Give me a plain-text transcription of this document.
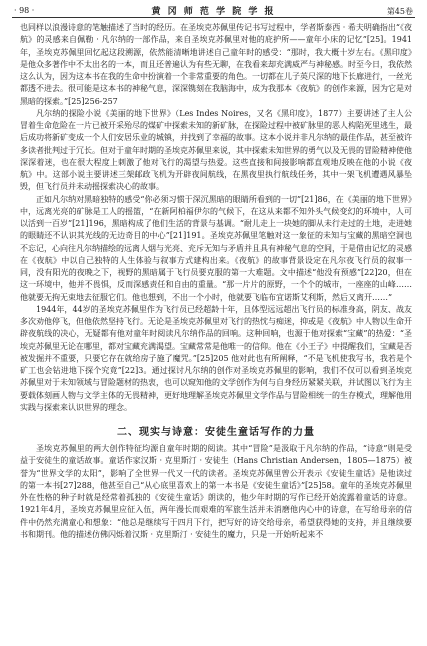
· 98 ·	黄 冈 师 范 学 院 学 报	第45卷

也同样以浪漫诗意的笔触描述了当时的经历。在圣埃克苏佩里传记书写过程中，学者斯泰西 · 希夫明确指出“《夜航》的灵感来自佩勒 · 凡尔纳的一部作品，来自圣埃克苏佩里对他的庇护所——童年小床的记忆”[25]。1941年，圣埃克苏佩里回忆起这段溯源，依然能清晰地讲述自己童年时的感受：“那时，我大概十岁左右。《黑印度》是他众多著作中不太出名的一本，而且还普遍认为有些无聊，在我看来却充满威严与神秘感。时至今日，我依然这么认为，因为这本书在我的生命中扮演着一个非常重要的角色。一切都在儿子英尺深的地下长廊进行，一丝光都透不进去。很可能是这本书的神秘气息，深深镌刻在我脑海中，成为我那本《夜航》的创作来源，因为它是对黑暗的探索。”[25]256-257

凡尔纳的探险小说《美丽的地下世界》（Les Indes Noires，又名《黑印度》，1877）主要讲述了主人公冒着生命危险在一片已被开采殆尽的煤矿中探索未知的新矿脉，在探险过程中被矿脉里的恶人构陷死里逃生，最后成功将新矿变成一个人们安居乐业的城镇，并找到了幸福的故事。这本小说并非凡尔纳的最佳作品，甚至被许多读者批判过于冗长。但对于童年时期的圣埃克苏佩里来说，其中探索未知世界的勇气以及无畏的冒险精神使他深深着迷，也在很大程度上刺激了他对飞行的渴望与热爱。这些直接和间接影响都直观地反映在他的小说《夜航》中。这部小说主要讲述三架邮政飞机为开辟夜间航线，在黑夜里执行航线任务，其中一架飞机遭遇风暴坠毁，但飞行员并未动摇探索决心的故事。

正如凡尔纳对黑暗独特的感受“你必须习惯于深沉黑暗的眼睛所看到的一切”[21]86，在《美丽的地下世界》中，远离光亮的矿脉是工人的摇篮，“在新阿柏福伊尔的气候下，在这从来都不知外头气候变幻的环境中，人可以活到一百岁”[21]196，黑暗构成了他们生活的背景与基调。“耐儿走上一块她的脚从未行走过的土地，走进她的眼睛还不认识其光线的无边奇目的中心”[21]191。圣埃克苏佩里笔触对这一象征的未知与宝藏的黑暗空洞也不忘记，心向往凡尔纳描绘的远离人烟与光亮、充斥无知与矛盾并且具有神秘气息的空间，于是借由记忆的灵感在《夜航》中以自己独特的人生体验与叙事方式建构出来。《夜航》的故事背景设定在凡尔夜飞行员的叙事一同，没有阳光的夜晚之下，视野的黑暗属于飞行员要克服的第一大难题。文中描述“他没有预感”[22]20，但在这一环境中，他并不畏惧，反而深感责任和自由的重量。“那一片片的原野，一个个的城市，一座座的山峰……他就要无拘无束地去征服它们。他也想到，不出一个小时，他就要飞临布宜诺斯艾利斯，然后又离开……”

1944年，44岁的圣埃克苏佩里作为飞行员已经超龄十年，且体型远远超出飞行员的标准身高，阴友、战友多次劝他停飞，但他依然坚持飞行。无论是圣埃克苏佩里对飞行的热忱与痴迷，抑或是《夜航》中人物以生命开辟夜航线的决心，无疑都有他对童年时阅读凡尔纳作品的回响。这种回响，也源于他对探索“宝藏”的热爱：“圣埃克苏佩里无论在哪里，都对宝藏充满渴望。宝藏常常是他唯一的信仰。他在《小王子》中提醒我们，宝藏是否被发掘并不重要，只要它存在就给房子施了魔咒。”[25]205 他对此也有所阐释，“不是飞机使我写书，我若是个矿工也会钻进地下探个究竟”[22]3。通过探讨凡尔纳的创作对圣埃克苏佩里的影响，我们不仅可以看到圣埃克苏佩里对于未知领域与冒险题材的热衷，也可以窥知他的文学创作为何与自身经历紧紧关联，并试图以飞行为主要载体刻画人物与文学主体的无畏精神，更好地理解圣埃克苏佩里文学作品与冒险相统一的生存模式，理解他用实践与探索来认识世界的理念。

二、现实与诗意：安徒生童话写作的力量

圣埃克苏佩里的两大创作特征均源自童年时期的阅读。其中“冒险”是汲取于凡尔纳的作品，“诗意”则是受益于安徒生的童话故事。童话作家汉斯 · 克里斯汀 · 安徒生（Hans Christian Andersen，1805—1875）被誉为“世界文学的太阳”，影响了全世界一代又一代的读者。圣埃克苏佩里曾公开表示《安徒生童话》是他读过的第一本书[27]288，他甚至自己“从心底里喜欢上的第一本书是《安徒生童话》”[25]58。童年的圣埃克苏佩里外在性格的种子时就是经常着孤独的《安徒生童话》朗读的，他少年时期的写作已经开始流露着童话的诗意。1921年4月，圣埃克苏佩里应征入伍，两年漫长而艰难的军旅生活并未消磨他内心中的诗意，在写给母亲的信件中仍然充满童心和想象：“他总是继续写于四月下行，把写好的诗交给母亲，希望获得她的支持，并且继续要书和期刊。他的描述仿佛闪烁着汉斯 · 克里斯汀 · 安徒生的魔力，只是一开始听起来不
